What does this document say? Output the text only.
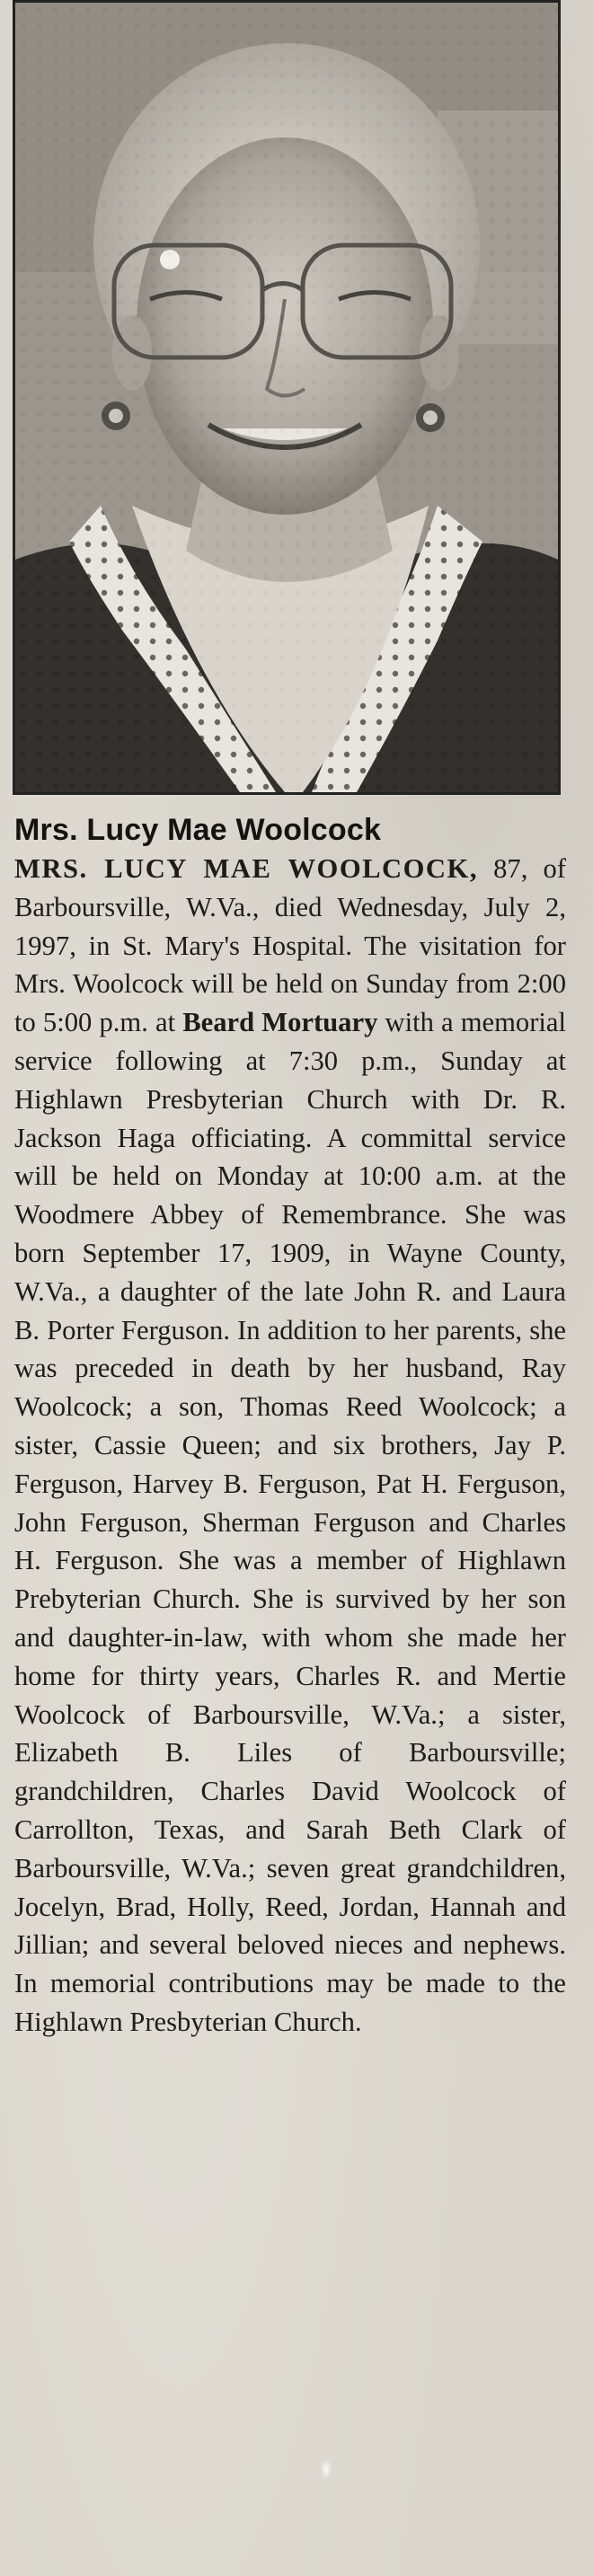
Mrs. Lucy Mae Woolcock

MRS. LUCY MAE WOOLCOCK, 87, of Barboursville, W.Va., died Wednesday, July 2, 1997, in St. Mary's Hospital. The visitation for Mrs. Woolcock will be held on Sunday from 2:00 to 5:00 p.m. at Beard Mortuary with a memorial service following at 7:30 p.m., Sunday at Highlawn Presbyterian Church with Dr. R. Jackson Haga officiating. A committal service will be held on Monday at 10:00 a.m. at the Woodmere Abbey of Remembrance. She was born September 17, 1909, in Wayne County, W.Va., a daughter of the late John R. and Laura B. Porter Ferguson. In addition to her parents, she was preceded in death by her husband, Ray Woolcock; a son, Thomas Reed Woolcock; a sister, Cassie Queen; and six brothers, Jay P. Ferguson, Harvey B. Ferguson, Pat H. Ferguson, John Ferguson, Sherman Ferguson and Charles H. Ferguson. She was a member of Highlawn Prebyterian Church. She is survived by her son and daughter-in-law, with whom she made her home for thirty years, Charles R. and Mertie Woolcock of Barboursville, W.Va.; a sister, Elizabeth B. Liles of Barboursville; grandchildren, Charles David Woolcock of Carrollton, Texas, and Sarah Beth Clark of Barboursville, W.Va.; seven great grandchildren, Jocelyn, Brad, Holly, Reed, Jordan, Hannah and Jillian; and several beloved nieces and nephews. In memorial contributions may be made to the Highlawn Presbyterian Church.
